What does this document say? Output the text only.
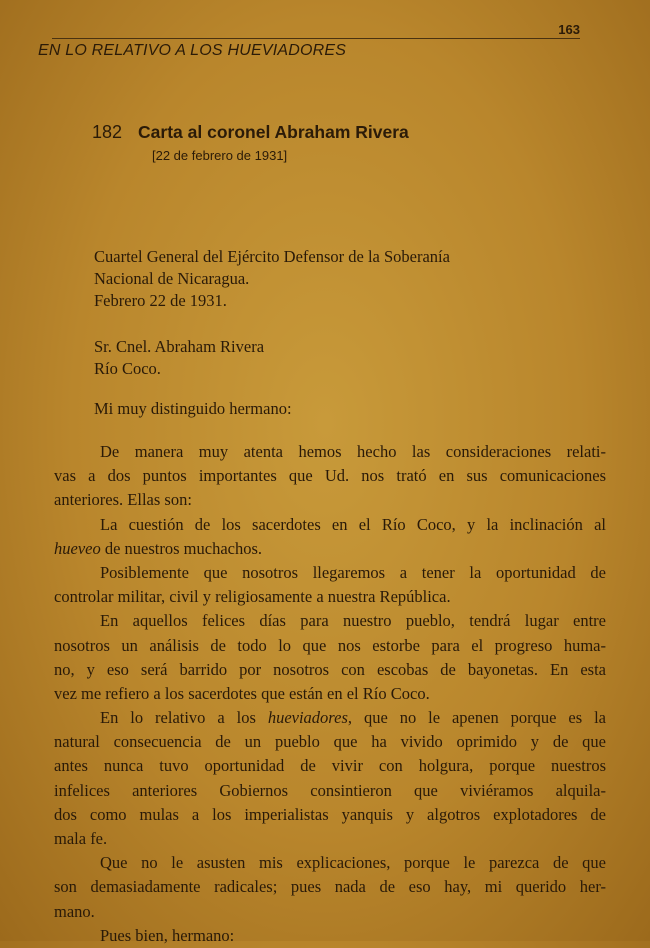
163
EN LO RELATIVO A LOS HUEVIADORES
182 Carta al coronel Abraham Rivera
[22 de febrero de 1931]
Cuartel General del Ejército Defensor de la Soberanía
Nacional de Nicaragua.
Febrero 22 de 1931.
Sr. Cnel. Abraham Rivera
Río Coco.
Mi muy distinguido hermano:
De manera muy atenta hemos hecho las consideraciones relati-
vas a dos puntos importantes que Ud. nos trató en sus comunicaciones
anteriores. Ellas son:
La cuestión de los sacerdotes en el Río Coco, y la inclinación al
hueveo de nuestros muchachos.
Posiblemente que nosotros llegaremos a tener la oportunidad de
controlar militar, civil y religiosamente a nuestra República.
En aquellos felices días para nuestro pueblo, tendrá lugar entre
nosotros un análisis de todo lo que nos estorbe para el progreso huma-
no, y eso será barrido por nosotros con escobas de bayonetas. En esta
vez me refiero a los sacerdotes que están en el Río Coco.
En lo relativo a los hueviadores, que no le apenen porque es la
natural consecuencia de un pueblo que ha vivido oprimido y de que
antes nunca tuvo oportunidad de vivir con holgura, porque nuestros
infelices anteriores Gobiernos consintieron que viviéramos alquila-
dos como mulas a los imperialistas yanquis y algotros explotadores de
mala fe.
Que no le asusten mis explicaciones, porque le parezca de que
son demasiadamente radicales; pues nada de eso hay, mi querido her-
mano.
Pues bien, hermano:
